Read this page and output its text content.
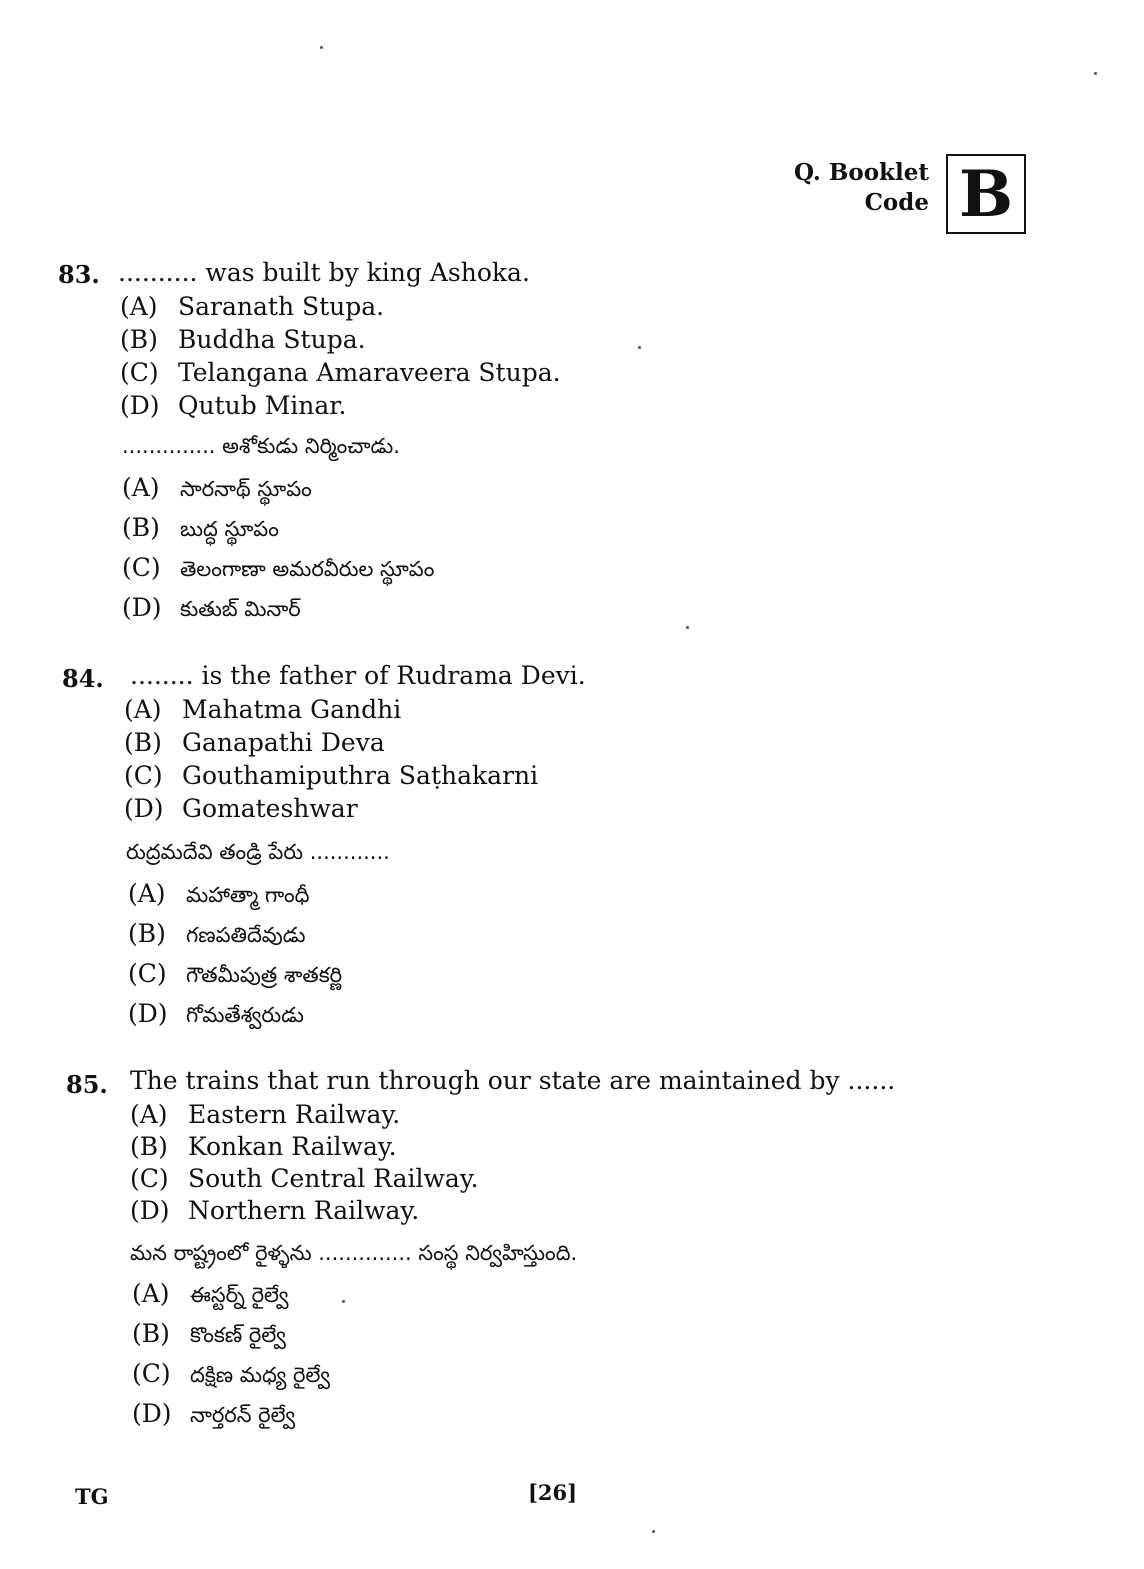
Q. Booklet
Code B
83. .......... was built by king Ashoka.
(A) Saranath Stupa.
(B) Buddha Stupa.
(C) Telangana Amaraveera Stupa.
(D) Qutub Minar.
.............. అశోకుడు నిర్మించాడు.
(A) సారనాథ్ స్థూపం
(B) బుద్ధ స్థూపం
(C) తెలంగాణా అమరవీరుల స్థూపం
(D) కుతుబ్ మినార్
84. ........ is the father of Rudrama Devi.
(A) Mahatma Gandhi
(B) Ganapathi Deva
(C) Gouthamiputhra Saṭhakarni
(D) Gomateshwar
రుద్రమదేవి తండ్రి పేరు ............
(A) మహాత్మా గాంధీ
(B) గణపతిదేవుడు
(C) గౌతమీపుత్ర శాతకర్ణి
(D) గోమతేశ్వరుడు
85. The trains that run through our state are maintained by ......
(A) Eastern Railway.
(B) Konkan Railway.
(C) South Central Railway.
(D) Northern Railway.
మన రాష్ట్రంలో రైళ్ళను .............. సంస్థ నిర్వహిస్తుంది.
(A) ఈస్టర్న్ రైల్వే
(B) కొంకణ్ రైల్వే
(C) దక్షిణ మధ్య రైల్వే
(D) నార్తరన్ రైల్వే
TG	[26]
